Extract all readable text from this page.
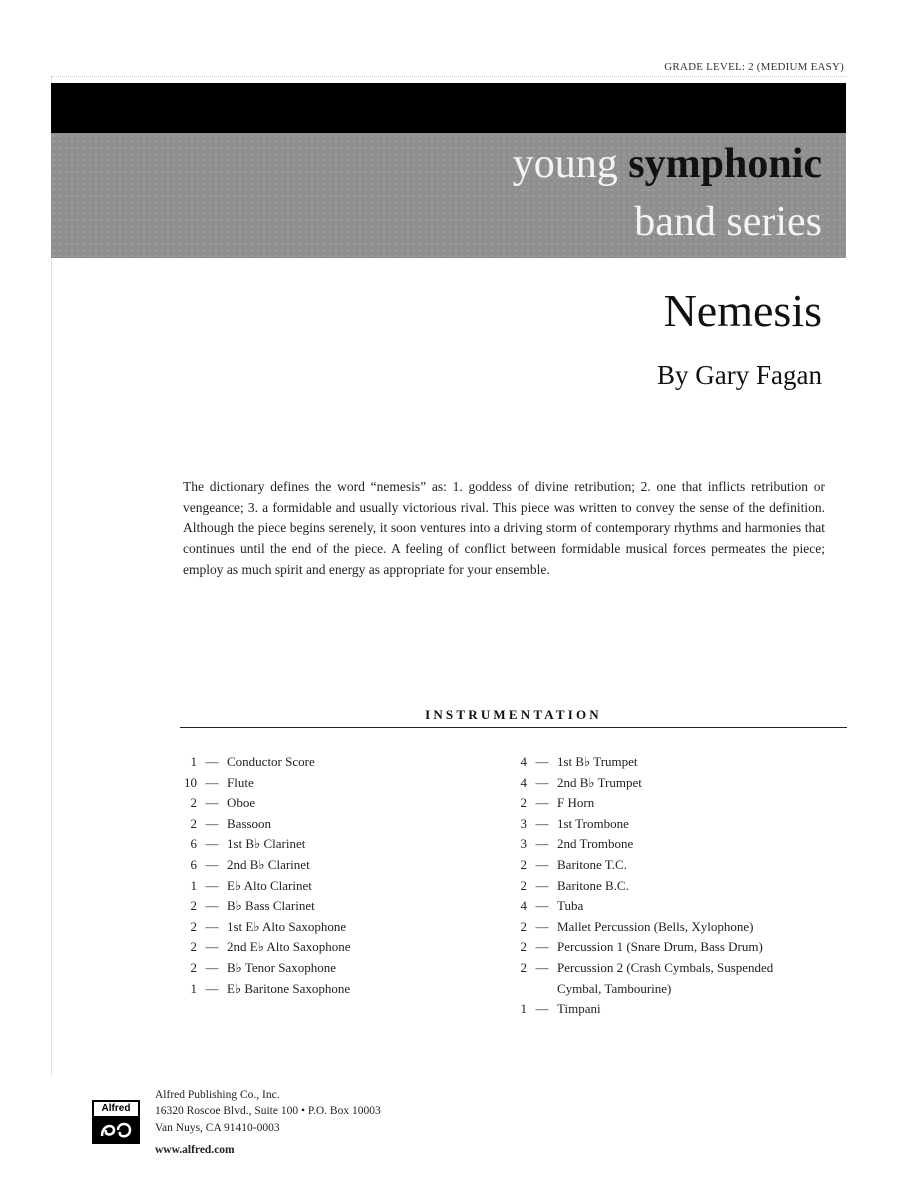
GRADE LEVEL: 2 (MEDIUM EASY)
young symphonic
band series
Nemesis
By Gary Fagan

The dictionary defines the word “nemesis” as: 1. goddess of divine retribution; 2. one that inflicts retribution or vengeance; 3. a formidable and usually victorious rival. This piece was written to convey the sense of the definition. Although the piece begins serenely, it soon ventures into a driving storm of contemporary rhythms and harmonies that continues until the end of the piece. A feeling of conflict between formidable musical forces permeates the piece; employ as much spirit and energy as appropriate for your ensemble.

INSTRUMENTATION
1 — Conductor Score
10 — Flute
2 — Oboe
2 — Bassoon
6 — 1st B♭ Clarinet
6 — 2nd B♭ Clarinet
1 — E♭ Alto Clarinet
2 — B♭ Bass Clarinet
2 — 1st E♭ Alto Saxophone
2 — 2nd E♭ Alto Saxophone
2 — B♭ Tenor Saxophone
1 — E♭ Baritone Saxophone
4 — 1st B♭ Trumpet
4 — 2nd B♭ Trumpet
2 — F Horn
3 — 1st Trombone
3 — 2nd Trombone
2 — Baritone T.C.
2 — Baritone B.C.
4 — Tuba
2 — Mallet Percussion (Bells, Xylophone)
2 — Percussion 1 (Snare Drum, Bass Drum)
2 — Percussion 2 (Crash Cymbals, Suspended
Cymbal, Tambourine)
1 — Timpani
Alfred
Alfred Publishing Co., Inc.
16320 Roscoe Blvd., Suite 100 • P.O. Box 10003
Van Nuys, CA 91410-0003
www.alfred.com
